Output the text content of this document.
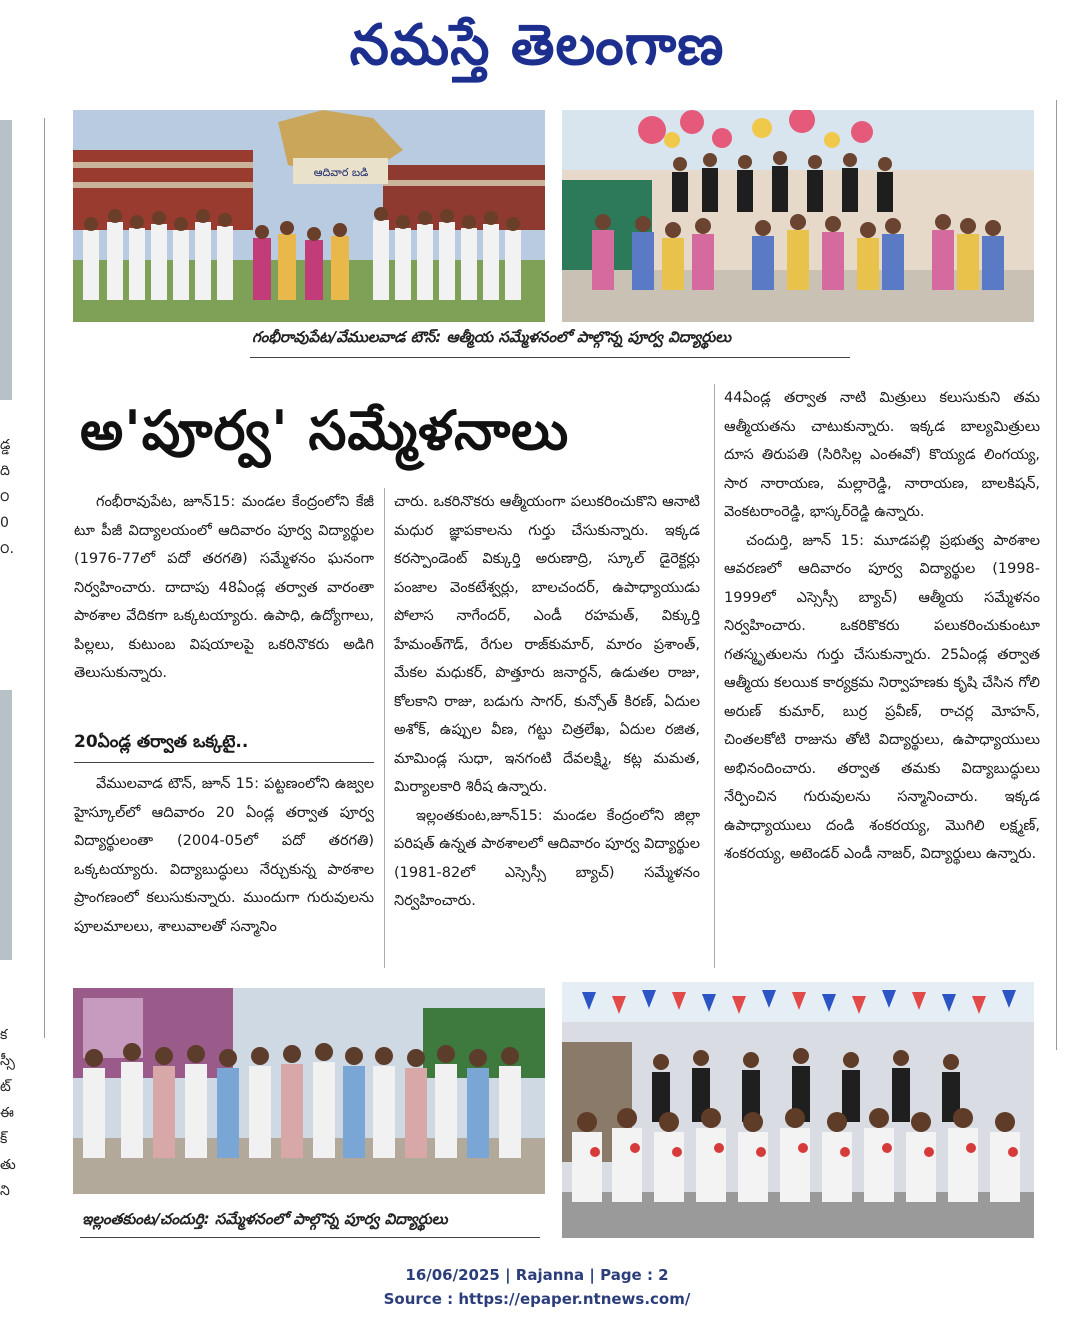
నమస్తే తెలంగాణ
డ్డ
ది
౦
0
౦.
క
స్సీ
ట్
ఈ
క్
తు
ని
ఆదివార బడి
గంభీరావుపేట/వేములవాడ టౌన్: ఆత్మీయ సమ్మేళనంలో పాల్గొన్న పూర్వ విద్యార్థులు
అ'పూర్వ' సమ్మేళనాలు

గంభీరావుపేట, జూన్15: మండల కేంద్రంలోని కేజీ టూ పీజీ విద్యాలయంలో ఆదివారం పూర్వ విద్యార్థుల (1976-77లో పదో తరగతి) సమ్మేళనం ఘనంగా నిర్వహించారు. దాదాపు 48ఏండ్ల తర్వాత వారంతా పాఠశాల వేదికగా ఒక్కటయ్యారు. ఉపాధి, ఉద్యోగాలు, పిల్లలు, కుటుంబ విషయాలపై ఒకరినొకరు అడిగి తెలుసుకున్నారు.

20ఏండ్ల తర్వాత ఒక్కటై..

వేములవాడ టౌన్, జూన్ 15: పట్టణంలోని ఉజ్వల హైస్కూల్‌లో ఆదివారం 20 ఏండ్ల తర్వాత పూర్వ విద్యార్థులంతా (2004-05లో పదో తరగతి) ఒక్కటయ్యారు. విద్యాబుద్ధులు నేర్చుకున్న పాఠశాల ప్రాంగణంలో కలుసుకున్నారు. ముందుగా గురువులను పూలమాలలు, శాలువాలతో సన్మానిం

చారు. ఒకరినొకరు ఆత్మీయంగా పలుకరించుకొని ఆనాటి మధుర జ్ఞాపకాలను గుర్తు చేసుకున్నారు. ఇక్కడ కరస్పాండెంట్ విక్కుర్తి అరుణాద్రి, స్కూల్ డైరెక్టర్లు పంజాల వెంకటేశ్వర్లు, బాలచందర్, ఉపాధ్యాయుడు పోలాస నాగేందర్, ఎండీ రహమత్, విక్కుర్తి హేమంత్‌గౌడ్, రేగుల రాజ్‌కుమార్, మారం ప్రశాంత్, మేకల మధుకర్, పొత్తూరు జనార్దన్, ఉడుతల రాజు, కోలకాని రాజు, బడుగు సాగర్, కున్సోత్ కిరణ్, ఏదుల అశోక్, ఉప్పుల వీణ, గట్టు చిత్రలేఖ, ఏదుల రజిత, మామిండ్ల సుధా, ఇనగంటి దేవలక్ష్మి, కట్ల మమత, మిర్యాలకారి శిరీష ఉన్నారు.

ఇల్లంతకుంట,జూన్15: మండల కేంద్రంలోని జిల్లా పరిషత్ ఉన్నత పాఠశాలలో ఆదివారం పూర్వ విద్యార్థుల (1981-82లో ఎస్సెస్సీ బ్యాచ్) సమ్మేళనం నిర్వహించారు.

44ఏండ్ల తర్వాత నాటి మిత్రులు కలుసుకుని తమ ఆత్మీయతను చాటుకున్నారు. ఇక్కడ బాల్యమిత్రులు దూస తిరుపతి (సిరిసిల్ల ఎంఈవో) కొయ్యడ లింగయ్య, సార నారాయణ, మల్లారెడ్డి, నారాయణ, బాలకిషన్, వెంకటరాంరెడ్డి, భాస్కర్‌రెడ్డి ఉన్నారు.

చందుర్తి, జూన్ 15: మూడపల్లి ప్రభుత్వ పాఠశాల ఆవరణలో ఆదివారం పూర్వ విద్యార్థుల (1998-1999లో ఎస్సెస్సీ బ్యాచ్) ఆత్మీయ సమ్మేళనం నిర్వహించారు. ఒకరికొకరు పలుకరించుకుంటూ గతస్మృతులను గుర్తు చేసుకున్నారు. 25ఏండ్ల తర్వాత ఆత్మీయ కలయిక కార్యక్రమ నిర్వాహణకు కృషి చేసిన గోలి అరుణ్ కుమార్, బుర్ర ప్రవీణ్, రాచర్ల మోహన్, చింతలకోటి రాజును తోటి విద్యార్థులు, ఉపాధ్యాయులు అభినందించారు. తర్వాత తమకు విద్యాబుద్ధులు నేర్పించిన గురువులను సన్మానించారు. ఇక్కడ ఉపాధ్యాయులు దండి శంకరయ్య, మొగిలి లక్ష్మణ్, శంకరయ్య, అటెండర్ ఎండీ నాజర్, విద్యార్థులు ఉన్నారు.

ఇల్లంతకుంట/చందుర్తి: సమ్మేళనంలో పాల్గొన్న పూర్వ విద్యార్థులు
16/06/2025 | Rajanna | Page : 2
Source : https://epaper.ntnews.com/
